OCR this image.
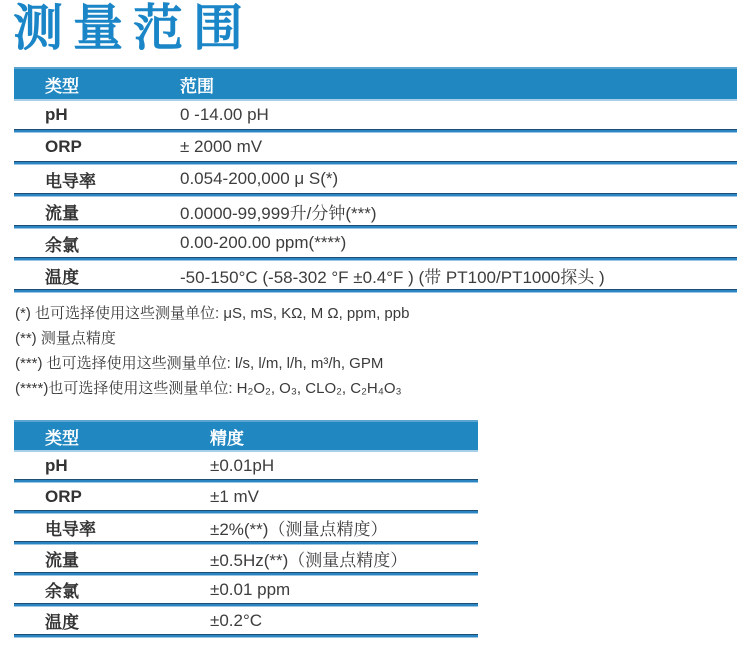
测量范围
类型	范围
pH	0 -14.00 pH
ORP	± 2000 mV
电导率	0.054-200,000 μ S(*)
流量	0.0000-99,999升/分钟(***)
余氯	0.00-200.00 ppm(****)
温度	-50-150°C (-58-302 °F ±0.4°F ) (带 PT100/PT1000探头 )
(*) 也可选择使用这些测量单位: μS, mS, KΩ, M Ω, ppm, ppb
(**) 测量点精度
(***) 也可选择使用这些测量单位: l/s, l/m, l/h, m³/h, GPM
(****)也可选择使用这些测量单位: H₂O₂, O₃, CLO₂, C₂H₄O₃
类型	精度
pH	±0.01pH
ORP	±1 mV
电导率	±2%(**)（测量点精度）
流量	±0.5Hz(**)（测量点精度）
余氯	±0.01 ppm
温度	±0.2°C
